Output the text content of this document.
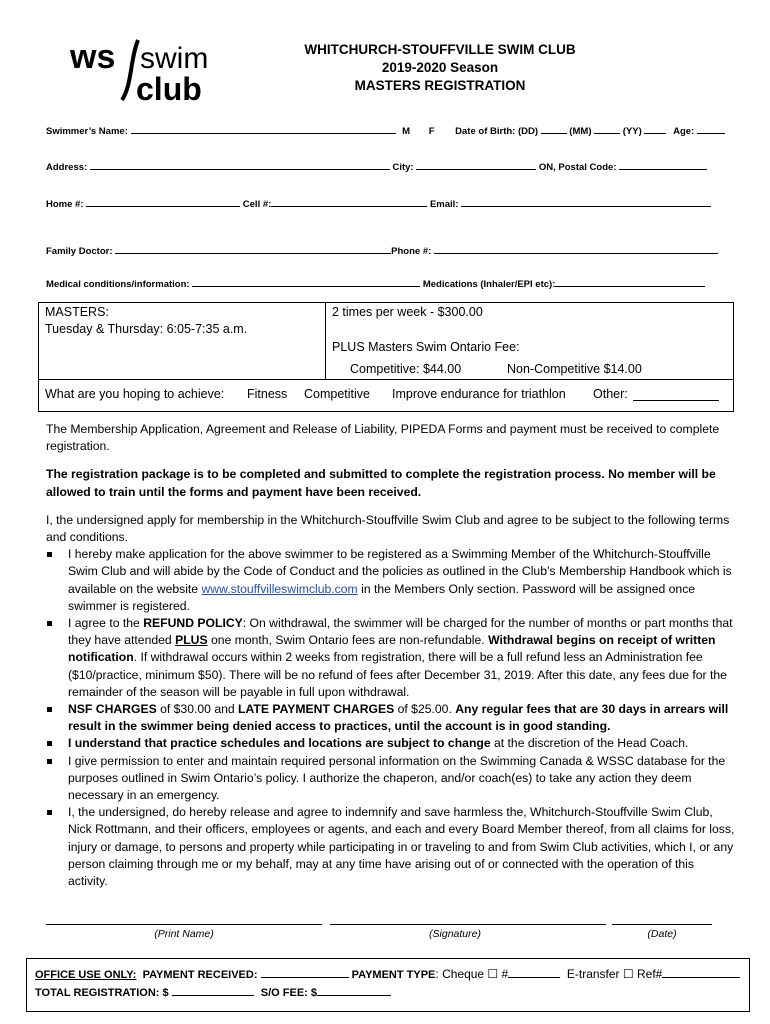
ws swim
club
WHITCHURCH-STOUFFVILLE SWIM CLUB
2019-2020 Season
MASTERS REGISTRATION
Swimmer’s Name:	M F Date of Birth: (DD)	(MM)	(YY)	Age:
Address:	City:	ON, Postal Code:
Home #:	Cell #:	Email:
Family Doctor:	Phone #:
Medical conditions/information:	Medications (Inhaler/EPI etc):
MASTERS:
Tuesday & Thursday: 6:05-7:35 a.m.
2 times per week - $300.00
PLUS Masters Swim Ontario Fee:
Competitive: $44.00	Non-Competitive $14.00
What are you hoping to achieve: Fitness Competitive Improve endurance for triathlon Other:
The Membership Application, Agreement and Release of Liability, PIPEDA Forms and payment must be received to complete registration.
The registration package is to be completed and submitted to complete the registration process. No member will be allowed to train until the forms and payment have been received.
I, the undersigned apply for membership in the Whitchurch-Stouffville Swim Club and agree to be subject to the following terms and conditions.
I hereby make application for the above swimmer to be registered as a Swimming Member of the Whitchurch-Stouffville Swim Club and will abide by the Code of Conduct and the policies as outlined in the Club’s Membership Handbook which is available on the website www.stouffvilleswimclub.com in the Members Only section. Password will be assigned once swimmer is registered.
I agree to the REFUND POLICY: On withdrawal, the swimmer will be charged for the number of months or part months that they have attended PLUS one month, Swim Ontario fees are non-refundable. Withdrawal begins on receipt of written notification. If withdrawal occurs within 2 weeks from registration, there will be a full refund less an Administration fee ($10/practice, minimum $50). There will be no refund of fees after December 31, 2019. After this date, any fees due for the remainder of the season will be payable in full upon withdrawal.
NSF CHARGES of $30.00 and LATE PAYMENT CHARGES of $25.00. Any regular fees that are 30 days in arrears will result in the swimmer being denied access to practices, until the account is in good standing.
I understand that practice schedules and locations are subject to change at the discretion of the Head Coach.
I give permission to enter and maintain required personal information on the Swimming Canada & WSSC database for the purposes outlined in Swim Ontario’s policy. I authorize the chaperon, and/or coach(es) to take any action they deem necessary in an emergency.
I, the undersigned, do hereby release and agree to indemnify and save harmless the, Whitchurch-Stouffville Swim Club, Nick Rottmann, and their officers, employees or agents, and each and every Board Member thereof, from all claims for loss, injury or damage, to persons and property while participating in or traveling to and from Swim Club activities, which I, or any person claiming through me or my behalf, may at any time have arising out of or connected with the operation of this activity.
(Print Name)	(Signature)	(Date)
OFFICE USE ONLY: PAYMENT RECEIVED:	PAYMENT TYPE: Cheque ☐ #	E-transfer ☐ Ref#
TOTAL REGISTRATION: $	S/O FEE: $
